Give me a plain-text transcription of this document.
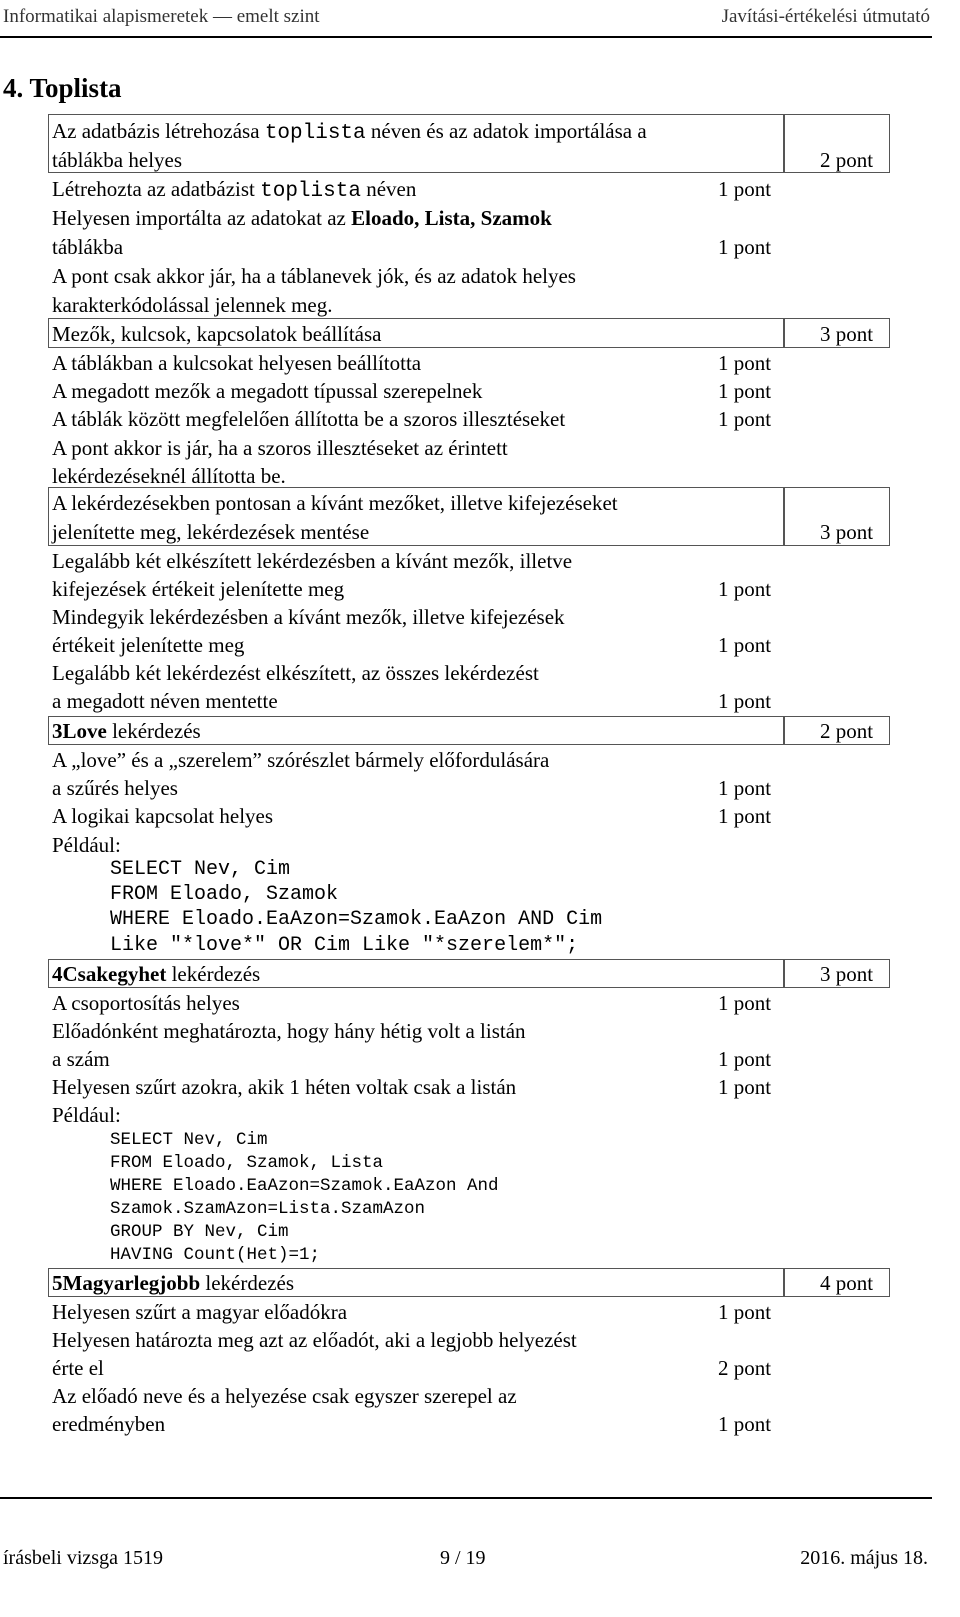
Informatikai alapismeretek — emelt szint	Javítási-értékelési útmutató
4. Toplista
Az adatbázis létrehozása toplista néven és az adatok importálása a
táblákba helyes	2 pont
Létrehozta az adatbázist toplista néven	1 pont
Helyesen importálta az adatokat az Eloado, Lista, Szamok
táblákba	1 pont
A pont csak akkor jár, ha a táblanevek jók, és az adatok helyes
karakterkódolással jelennek meg.
Mezők, kulcsok, kapcsolatok beállítása	3 pont
A táblákban a kulcsokat helyesen beállította	1 pont
A megadott mezők a megadott típussal szerepelnek	1 pont
A táblák között megfelelően állította be a szoros illesztéseket	1 pont
A pont akkor is jár, ha a szoros illesztéseket az érintett
lekérdezéseknél állította be.
A lekérdezésekben pontosan a kívánt mezőket, illetve kifejezéseket
jelenítette meg, lekérdezések mentése	3 pont
Legalább két elkészített lekérdezésben a kívánt mezők, illetve
kifejezések értékeit jelenítette meg	1 pont
Mindegyik lekérdezésben a kívánt mezők, illetve kifejezések
értékeit jelenítette meg	1 pont
Legalább két lekérdezést elkészített, az összes lekérdezést
a megadott néven mentette	1 pont
3Love lekérdezés	2 pont
A „love” és a „szerelem” szórészlet bármely előfordulására
a szűrés helyes	1 pont
A logikai kapcsolat helyes	1 pont
Például:
SELECT Nev, Cim
FROM Eloado, Szamok
WHERE Eloado.EaAzon=Szamok.EaAzon AND Cim
Like "*love*" OR Cim Like "*szerelem*";
4Csakegyhet lekérdezés	3 pont
A csoportosítás helyes	1 pont
Előadónként meghatározta, hogy hány hétig volt a listán
a szám	1 pont
Helyesen szűrt azokra, akik 1 héten voltak csak a listán	1 pont
Például:
SELECT Nev, Cim
FROM Eloado, Szamok, Lista
WHERE Eloado.EaAzon=Szamok.EaAzon And
Szamok.SzamAzon=Lista.SzamAzon
GROUP BY Nev, Cim
HAVING Count(Het)=1;
5Magyarlegjobb lekérdezés	4 pont
Helyesen szűrt a magyar előadókra	1 pont
Helyesen határozta meg azt az előadót, aki a legjobb helyezést
érte el	2 pont
Az előadó neve és a helyezése csak egyszer szerepel az
eredményben	1 pont
írásbeli vizsga 1519	9 / 19	2016. május 18.
